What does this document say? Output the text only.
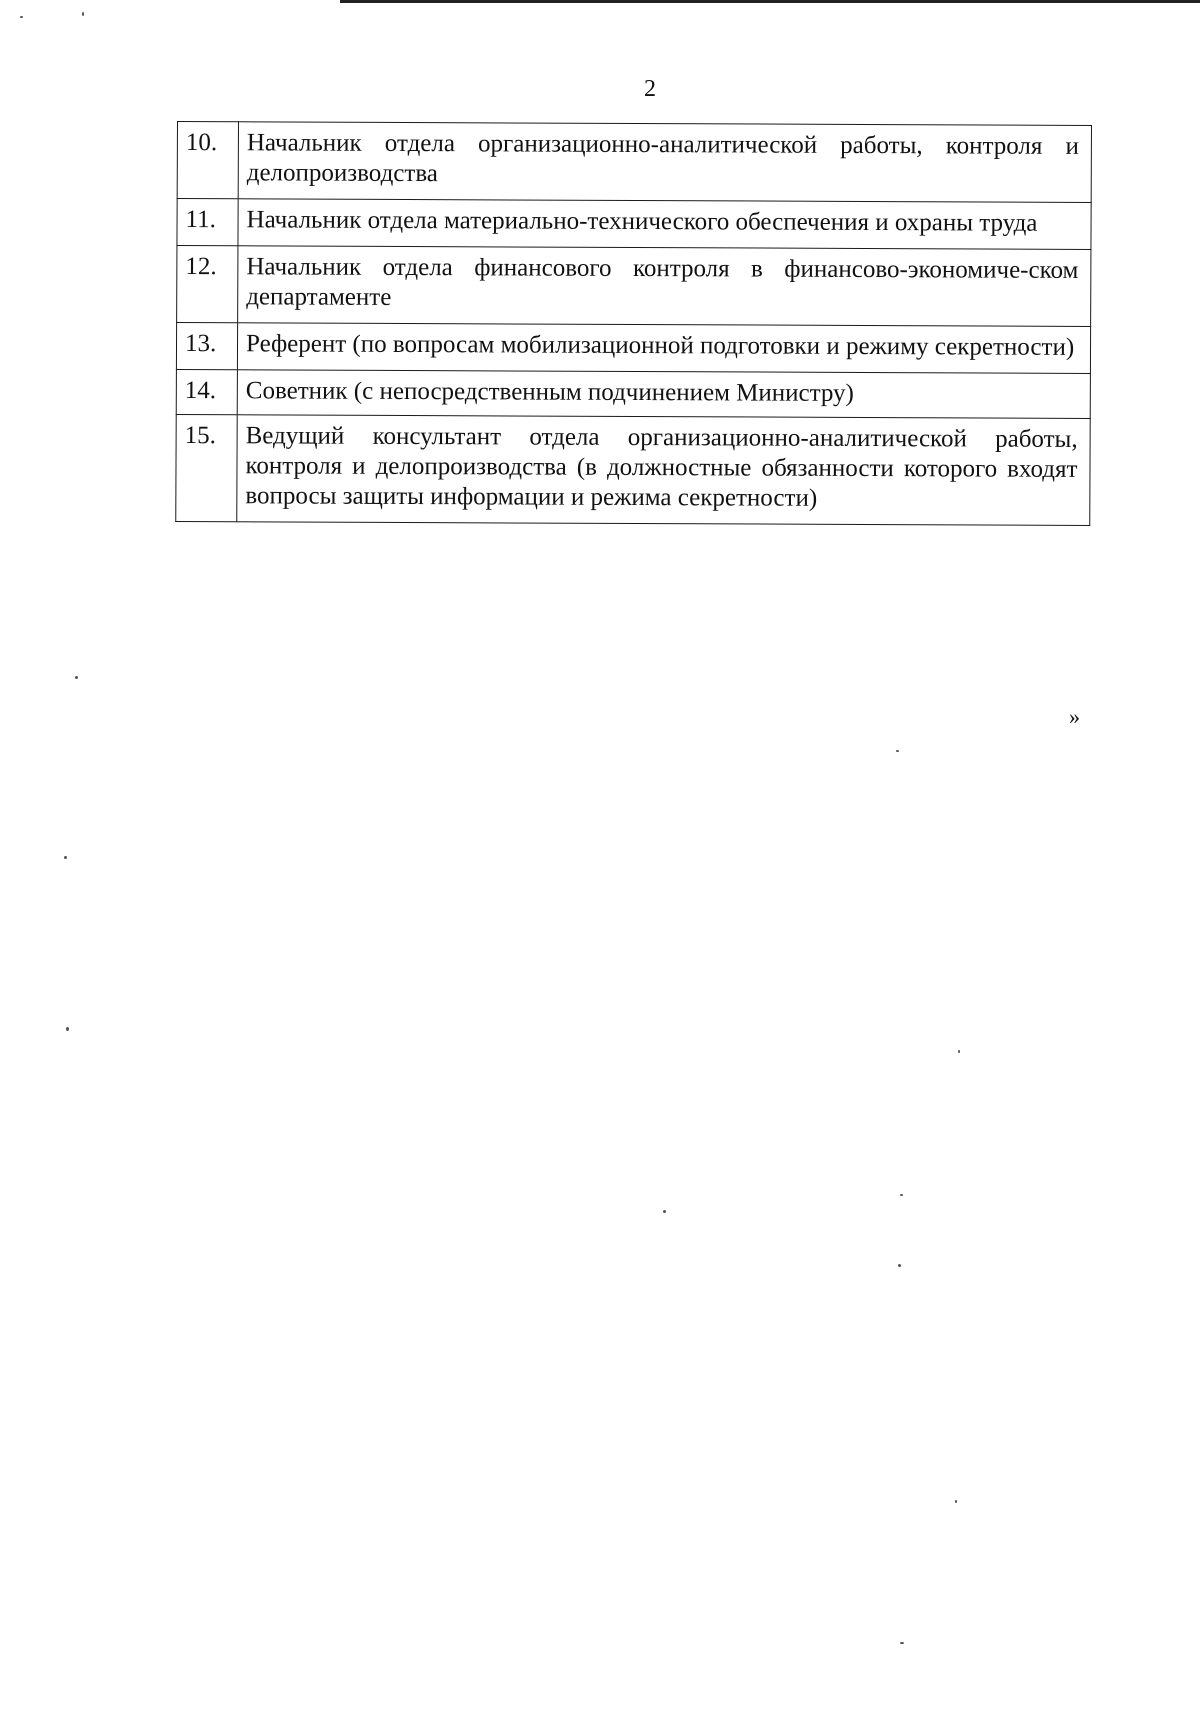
2
10.	Начальник отдела организационно-аналитической работы, контроля и делопроизводства
11.	Начальник отдела материально-технического обеспечения и охраны труда
12.	Начальник отдела финансового контроля в финансово-экономиче-ском департаменте
13.	Референт (по вопросам мобилизационной подготовки и режиму секретности)
14.	Советник (с непосредственным подчинением Министру)
15.	Ведущий консультант отдела организационно-аналитической работы, контроля и делопроизводства (в должностные обязанности которого входят вопросы защиты информации и режима секретности)
»
